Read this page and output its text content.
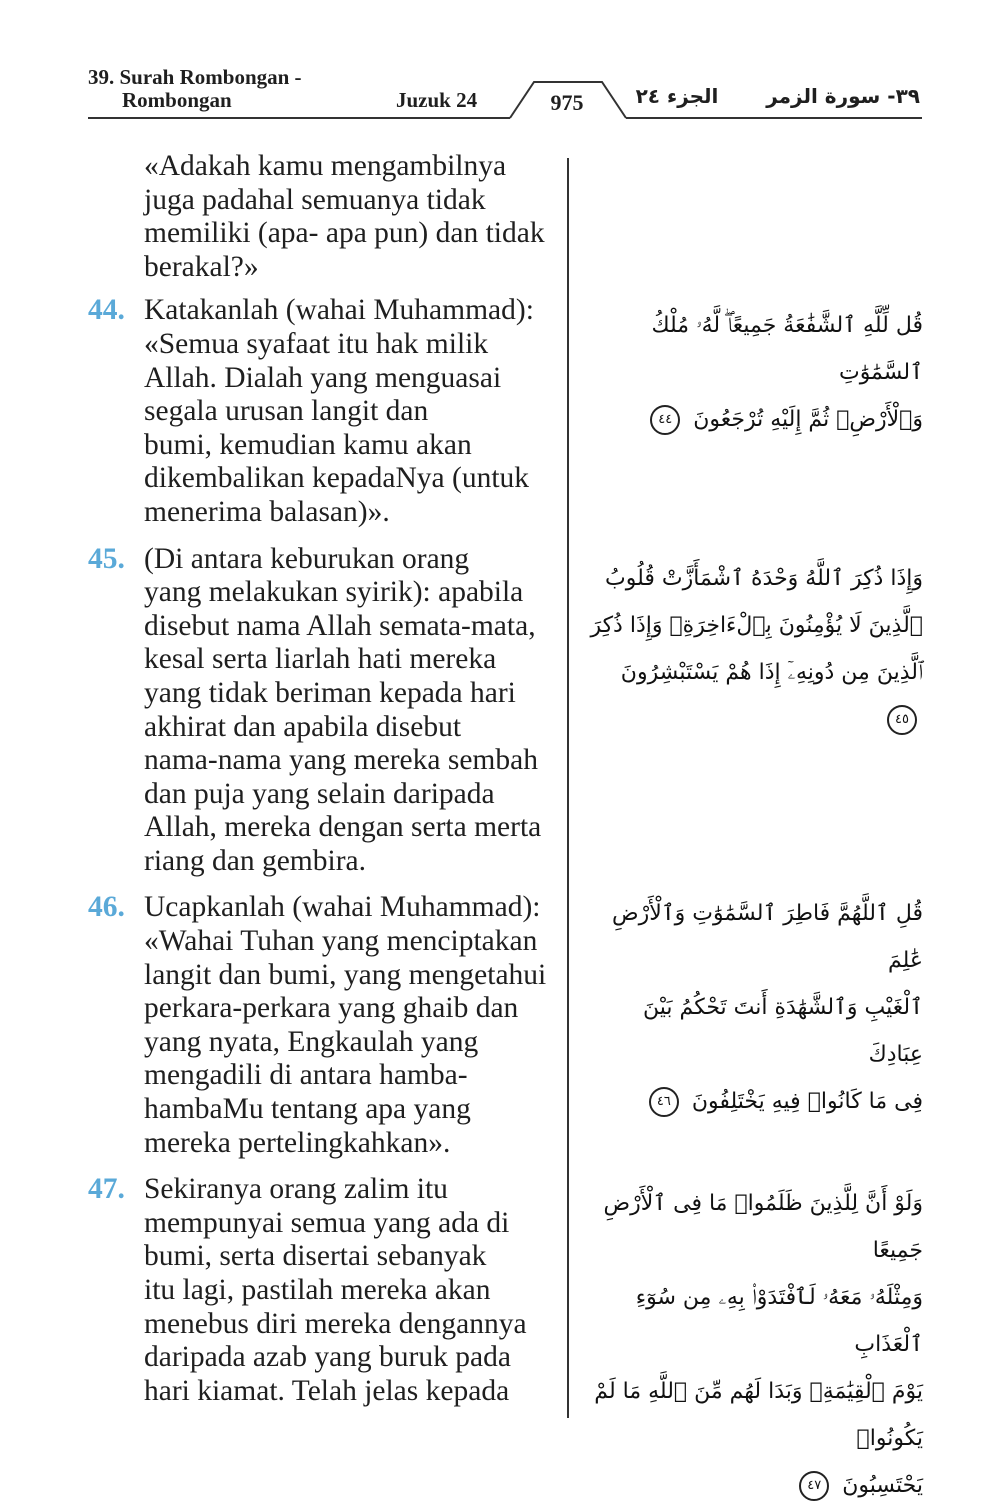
39. Surah Rombongan -
Rombongan	Juzuk 24	975	الجزء ٢٤ ٣٩- سورة الزمر
«Adakah kamu mengambilnya
juga padahal semuanya tidak
memiliki (apa- apa pun) dan tidak
berakal?»
44. Katakanlah (wahai Muhammad):
«Semua syafaat itu hak milik
Allah. Dialah yang menguasai
segala urusan langit dan
bumi, kemudian kamu akan
dikembalikan kepadaNya (untuk
menerima balasan)».
45. (Di antara keburukan orang
yang melakukan syirik): apabila
disebut nama Allah semata-mata,
kesal serta liarlah hati mereka
yang tidak beriman kepada hari
akhirat dan apabila disebut
nama-nama yang mereka sembah
dan puja yang selain daripada
Allah, mereka dengan serta merta
riang dan gembira.
46. Ucapkanlah (wahai Muhammad):
«Wahai Tuhan yang menciptakan
langit dan bumi, yang mengetahui
perkara-perkara yang ghaib dan
yang nyata, Engkaulah yang
mengadili di antara hamba-
hambaMu tentang apa yang
mereka pertelingkahkan».
47. Sekiranya orang zalim itu
mempunyai semua yang ada di
bumi, serta disertai sebanyak
itu lagi, pastilah mereka akan
menebus diri mereka dengannya
daripada azab yang buruk pada
hari kiamat. Telah jelas kepada
قُل لِّلَّهِ ٱلشَّفَٰعَةُ جَمِيعًاۖ لَّهُۥ مُلْكُ ٱلسَّمَٰوَٰتِ
وَٱلْأَرْضِۖ ثُمَّ إِلَيْهِ تُرْجَعُونَ ٤٤
وَإِذَا ذُكِرَ ٱللَّهُ وَحْدَهُ ٱشْمَأَزَّتْ قُلُوبُ
ٱلَّذِينَ لَا يُؤْمِنُونَ بِٱلْءَاخِرَةِۖ وَإِذَا ذُكِرَ
ٱلَّذِينَ مِن دُونِهِۦٓ إِذَا هُمْ يَسْتَبْشِرُونَ ٤٥
قُلِ ٱللَّهُمَّ فَاطِرَ ٱلسَّمَٰوَٰتِ وَٱلْأَرْضِ عَٰلِمَ
ٱلْغَيْبِ وَٱلشَّهَٰدَةِ أَنتَ تَحْكُمُ بَيْنَ عِبَادِكَ
فِى مَا كَانُوا۟ فِيهِ يَخْتَلِفُونَ ٤٦
وَلَوْ أَنَّ لِلَّذِينَ ظَلَمُوا۟ مَا فِى ٱلْأَرْضِ جَمِيعًا
وَمِثْلَهُۥ مَعَهُۥ لَٱفْتَدَوْا۟ بِهِۦ مِن سُوٓءِ ٱلْعَذَابِ
يَوْمَ ٱلْقِيَٰمَةِۚ وَبَدَا لَهُم مِّنَ ٱللَّهِ مَا لَمْ يَكُونُوا۟
يَحْتَسِبُونَ ٤٧
